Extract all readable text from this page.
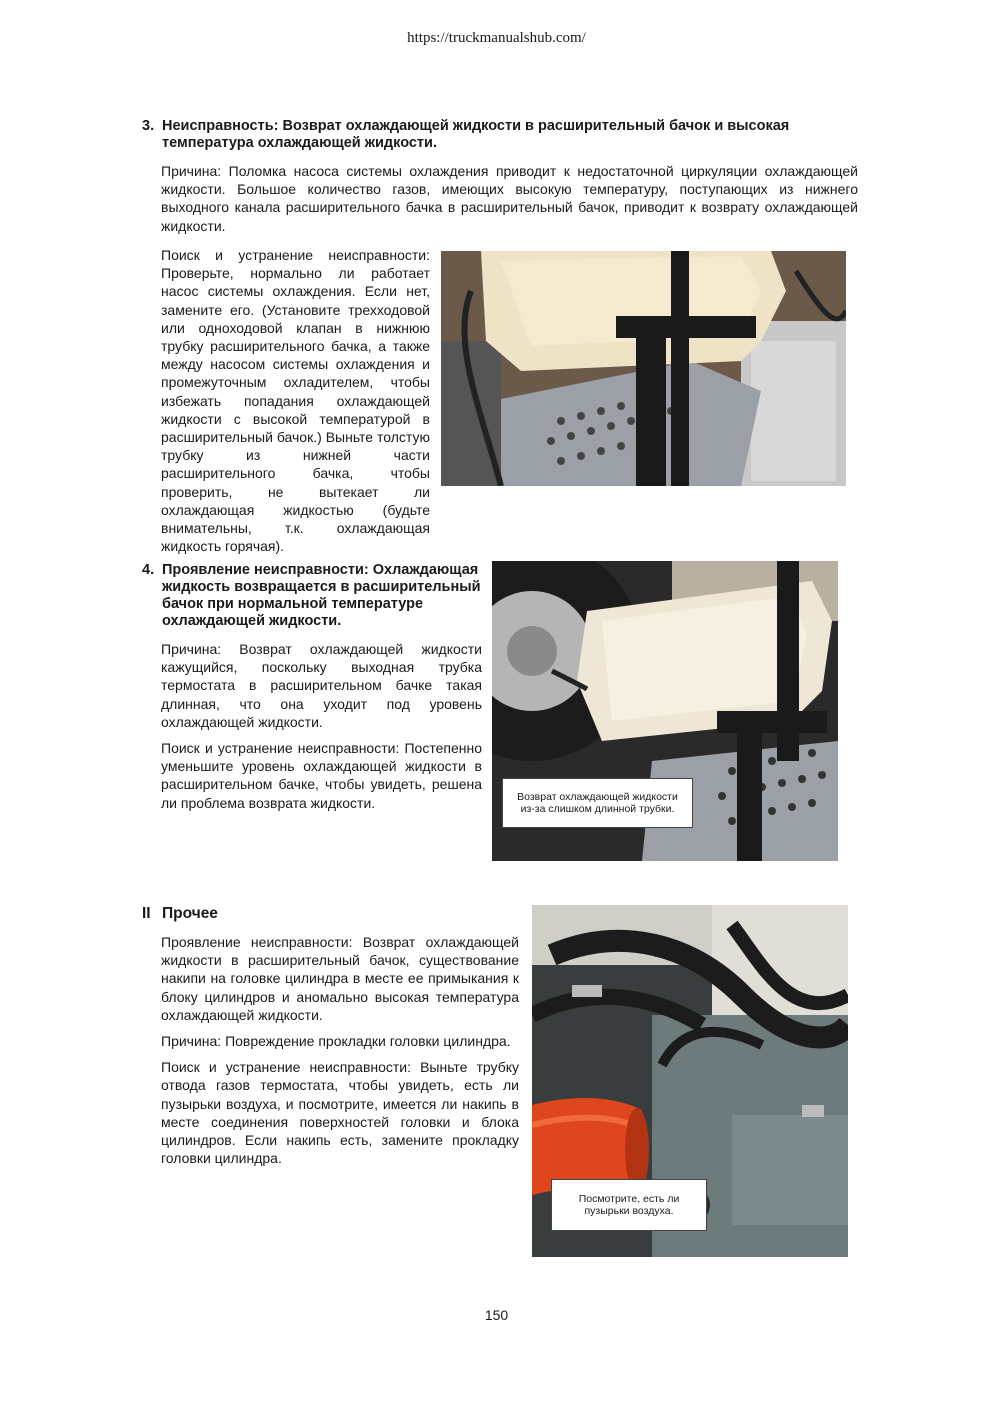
https://truckmanualshub.com/
3. Неисправность: Возврат охлаждающей жидкости в расширительный бачок и высокая температура охлаждающей жидкости.

Причина: Поломка насоса системы охлаждения приводит к недостаточной циркуляции охлаждающей жидкости. Большое количество газов, имеющих высокую температуру, поступающих из нижнего выходного канала расширительного бачка в расширительный бачок, приводит к возврату охлаждающей жидкости.

Поиск и устранение неисправности: Проверьте, нормально ли работает насос системы охлаждения. Если нет, замените его. (Установите трехходовой или одноходовой клапан в нижнюю трубку расширительного бачка, а также между насосом системы охлаждения и промежуточным охладителем, чтобы избежать попадания охлаждающей жидкости с высокой температурой в расширительный бачок.) Выньте толстую трубку из нижней части расширительного бачка, чтобы проверить, не вытекает ли охлаждающая жидкостью (будьте внимательны, т.к. охлаждающая жидкость горячая).

4. Проявление неисправности: Охлаждающая жидкость возвращается в расширительный бачок при нормальной температуре охлаждающей жидкости.

Причина: Возврат охлаждающей жидкости кажущийся, поскольку выходная трубка термостата в расширительном бачке такая длинная, что она уходит под уровень охлаждающей жидкости.

Поиск и устранение неисправности: Постепенно уменьшите уровень охлаждающей жидкости в расширительном бачке, чтобы увидеть, решена ли проблема возврата жидкости.	Возврат охлаждающей жидкости из-за слишком длинной трубки.
II Прочее

Проявление неисправности: Возврат охлаждающей жидкости в расширительный бачок, существование накипи на головке цилиндра в месте ее примыкания к блоку цилиндров и аномально высокая температура охлаждающей жидкости.

Причина: Повреждение прокладки головки цилиндра.

Поиск и устранение неисправности: Выньте трубку отвода газов термостата, чтобы увидеть, есть ли пузырьки воздуха, и посмотрите, имеется ли накипь в месте соединения поверхностей головки и блока цилиндров. Если накипь есть, замените прокладку головки цилиндра.

Посмотрите, есть ли пузырьки воздуха.
150
